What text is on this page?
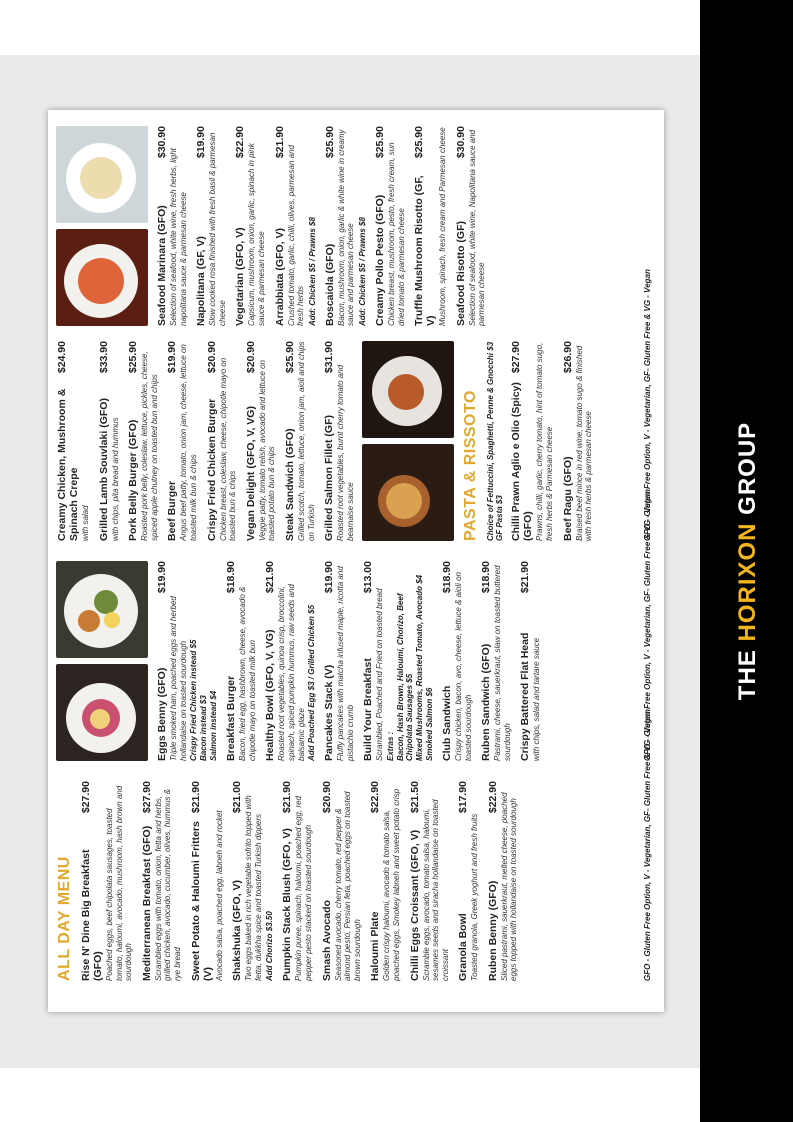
THE HORIXON GROUP
ALL DAY MENU Rise N' Dine Big Breakfast (GFO)
$27.90
Poached eggs, beef chipolata sausages, toasted tomato, haloumi, avocado, mushroom, hash brown and sourdough Mediterranean Breakfast (GFO)
$27.90 Scrambled eggs with tomato, onion, fetta and herbs, grilled chicken, avocado, cucumber, olives, hummus & rye bread Sweet Potato & Haloumi Fritters (V)
$21.90
Avocado salsa, poached egg, labneh and rocket Shakshuka (GFO, V)
$21.00 Two eggs baked in rich vegetable sofrito topped with fetta, dukkha spice and toasted Turkish dippers Add Chorizo $3.50 Pumpkin Stack Blush (GFO, V)
$21.90 Pumpkin puree, spinach, haloumi, poached egg, red pepper pesto stacked on toasted sourdough Smash Avocado
$20.90
Seasoned avocado, cherry tomato, red pepper & almond pesto, Persian feta, poached eggs on toasted brown sourdough Haloumi Plate
$22.90
Golden crispy haloumi, avocado & tomato salsa, poached eggs, Smokey labneh and sweet potato crisp Chilli Eggs Croissant (GFO, V)
$21.50
Scramble eggs, avocado, tomato salsa, haloumi, sesames seeds and siracha hollandaise on toasted croissant Granola Bowl
$17.90
Toasted granola, Greek yoghurt and fresh fruits Ruben Benny (GFO)
$22.90 Sliced pastrami, sauerkraut, melted cheese, poached eggs topped with hollandaise on toasted sourdough
Eggs Benny (GFO)
$19.90
Triple smoked ham, poached eggs and herbed hollandaise on toasted sourdough Crispy Fried Chicken instead $5 Bacon instead $3 Salmon instead $4 Breakfast Burger
$18.90
Bacon, fried egg, hashbrown, cheese, avocado & chipotle mayo on toasted milk bun Healthy Bowl (GFO, V, VG)
$21.90
Roasted root vegetables, quinoa crisp, broccolini, spinach, spiced pumpkin hummus, raw seeds and balsamic glaze Add Poached Egg $3 / Grilled Chicken $5 Pancakes Stack (V)
$19.90 Fluffy pancakes with matcha infused maple, ricotta and pistachio crumb Build Your Breakfast
$13.00
Scrambled, Poached and Fried on toasted bread Extras : Bacon, Hash Brown, Haloumi, Chorizo, Beef Chipolata Sausages $5 Mixed Mushrooms, Roasted Tomato, Avocado $4 Smoked Salmon $6 Club Sandwich
$18.90 Crispy chicken, bacon, avo, cheese, lettuce & aioli on toasted sourdough Ruben Sandwich (GFO)
$18.90 Pastrami, cheese, sauerkraut, slaw on toasted buttered sourdough Crispy Battered Flat Head
$21.90
with chips, salad and tartare sauce
Creamy Chicken, Mushroom & Spinach Crepe
$24.90
with salad Grilled Lamb Souvlaki (GFO)
$33.90
with chips, pita bread and hummus Pork Belly Burger (GFO)
$25.90 Roasted pork belly, coleslaw, lettuce, pickles, cheese, spiced apple chutney on toasted bun and chips Beef Burger
$19.90 Angus beef patty, tomato, onion jam, cheese, lettuce on toasted milk bun & chips Crispy Fried Chicken Burger
$20.90
Chicken breast, coleslaw, cheese, chipotle mayo on toasted bun & chips Vegan Delight (GFO, V, VG)
$20.90
Veggie patty, tomato relish, avocado and lettuce on toasted potato bun & chips Steak Sandwich (GFO)
$25.90 Grilled scotch, tomato, lettuce, onion jam, aioli and chips on Turkish Grilled Salmon Fillet (GF)
$31.90
Roasted root vegetables, burnt cherry tomato and bearnaise sauce	PASTA & RISSOTO Choice of Fettuccini, Spaghetti, Penne & Gnocchi $3 GF Pasta $3 Chilli Prawn Aglio e Olio (Spicy) (GFO)
$27.90 Prawns, chilli, garlic, cherry tomato, hint of tomato sugo, fresh herbs & Parmesan cheese Beef Ragu (GFO)
$26.90 Braised beef mince in red wine, tomato sugo & finished with fresh herbs & parmesan cheese
Seafood Marinara (GFO)
$30.90
Selection of seafood, white wine, fresh herbs, light napolitana sauce & parmesan cheese Napolitana (GF, V)
$19.90 Slow cooked rosa finished with fresh basil & parmesan cheese Vegetarian (GFO, V)
$22.90
Capsicum, mushroom, onion, garlic, spinach in pink sauce & parmesan cheese Arrabbiata (GFO, V)
$21.90
Crushed tomato, garlic, chilli, olives, parmesan and fresh herbs Add: Chicken $5 / Prawns $8 Boscaiola (GFO)
$25.90 Bacon, mushroom, onion, garlic & white wine in creamy sauce and parmesan cheese Add: Chicken $5 / Prawns $8 Creamy Pollo Pesto (GFO)
$25.90
Chicken breast, mushroom, pesto, fresh cream, sun dried tomato & parmesan cheese Truffle Mushroom Risotto (GF, V)
$25.90 Mushroom, spinach, fresh cream and Parmesan cheese Seafood Risotto (GF)
$30.90 Selection of seafood, white wine, Napolitana sauce and parmesan cheese
GFO - Gluten Free Option, V - Vegetarian, GF- Gluten Free & VG - Vegan
GFO - Gluten Free Option, V - Vegetarian, GF- Gluten Free & VG - Vegan
GFO - Gluten Free Option, V - Vegetarian, GF- Gluten Free & VG - Vegan
